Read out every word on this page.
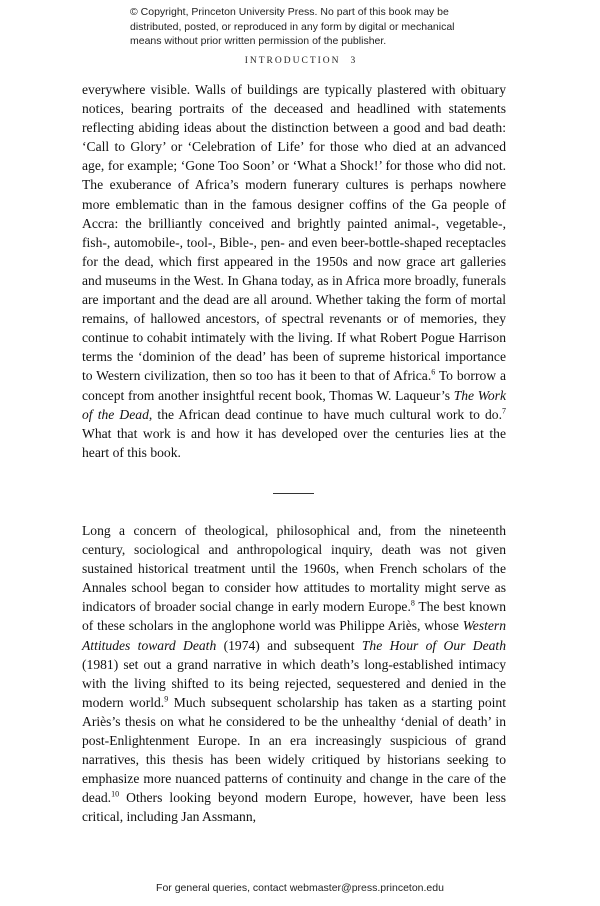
© Copyright, Princeton University Press. No part of this book may be
distributed, posted, or reproduced in any form by digital or mechanical
means without prior written permission of the publisher.
INTRODUCTION 3

everywhere visible. Walls of buildings are typically plastered with obituary notices, bearing portraits of the deceased and headlined with statements reflecting abiding ideas about the distinction between a good and bad death: ‘Call to Glory’ or ‘Celebration of Life’ for those who died at an advanced age, for example; ‘Gone Too Soon’ or ‘What a Shock!’ for those who did not. The exuberance of Africa’s modern funerary cultures is perhaps nowhere more emblematic than in the famous designer coffins of the Ga people of Accra: the brilliantly conceived and brightly painted animal-, vegetable-, fish-, automobile-, tool-, Bible-, pen- and even beer-bottle-shaped receptacles for the dead, which first appeared in the 1950s and now grace art galleries and museums in the West. In Ghana today, as in Africa more broadly, funerals are important and the dead are all around. Whether taking the form of mortal remains, of hallowed ancestors, of spectral revenants or of memories, they continue to cohabit intimately with the living. If what Robert Pogue Harrison terms the ‘dominion of the dead’ has been of supreme historical importance to Western civilization, then so too has it been to that of Africa.$^6$ To borrow a concept from another insightful recent book, Thomas W. Laqueur’s The Work of the Dead, the African dead continue to have much cultural work to do.$^7$ What that work is and how it has developed over the centuries lies at the heart of this book.

Long a concern of theological, philosophical and, from the nineteenth century, sociological and anthropological inquiry, death was not given sustained historical treatment until the 1960s, when French scholars of the Annales school began to consider how attitudes to mortality might serve as indicators of broader social change in early modern Europe.$^8$ The best known of these scholars in the anglophone world was Philippe Ariès, whose Western Attitudes toward Death (1974) and subsequent The Hour of Our Death (1981) set out a grand narrative in which death’s long-established intimacy with the living shifted to its being rejected, sequestered and denied in the modern world.$^9$ Much subsequent scholarship has taken as a starting point Ariès’s thesis on what he considered to be the unhealthy ‘denial of death’ in post-Enlightenment Europe. In an era increasingly suspicious of grand narratives, this thesis has been widely critiqued by historians seeking to emphasize more nuanced patterns of continuity and change in the care of the dead.$^{10}$ Others looking beyond modern Europe, however, have been less critical, including Jan Assmann,

For general queries, contact webmaster@press.princeton.edu
